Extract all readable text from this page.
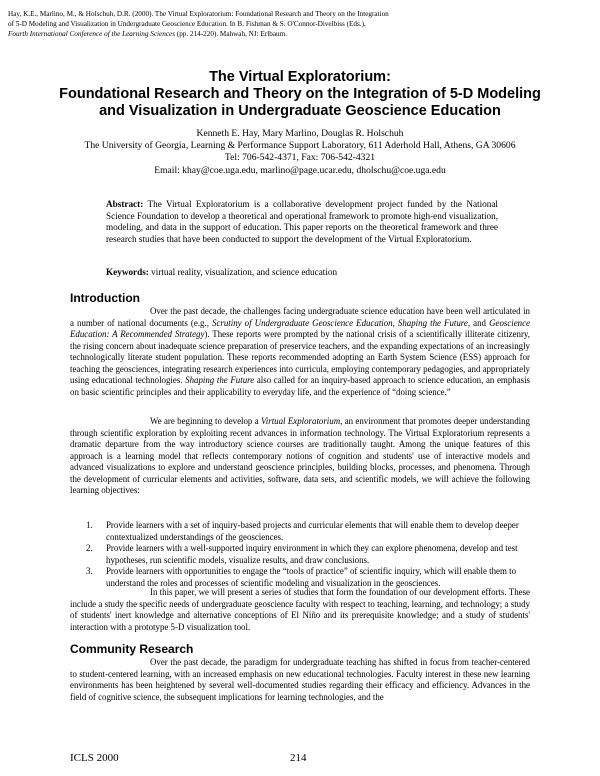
Hay, K.E., Marlino, M., & Holschuh, D.R. (2000). The Virtual Exploratorium: Foundational Research and Theory on the Integration
of 5-D Modeling and Visualization in Undergraduate Geoscience Education. In B. Fishman & S. O'Connor-Divelbiss (Eds.),
Fourth International Conference of the Learning Sciences (pp. 214-220). Mahwah, NJ: Erlbaum.
The Virtual Exploratorium:
Foundational Research and Theory on the Integration of 5-D Modeling
and Visualization in Undergraduate Geoscience Education
Kenneth E. Hay, Mary Marlino, Douglas R. Holschuh
The University of Georgia, Learning & Performance Support Laboratory, 611 Aderhold Hall, Athens, GA 30606
Tel: 706-542-4371, Fax: 706-542-4321
Email: khay@coe.uga.edu, marlino@page.ucar.edu, dholschu@coe.uga.edu
Abstract: The Virtual Exploratorium is a collaborative development project funded by the National Science Foundation to develop a theoretical and operational framework to promote high-end visualization, modeling, and data in the support of education. This paper reports on the theoretical framework and three research studies that have been conducted to support the development of the Virtual Exploratorium.
Keywords: virtual reality, visualization, and science education
Introduction
Over the past decade, the challenges facing undergraduate science education have been well articulated in a number of national documents (e.g., Scrutiny of Undergraduate Geoscience Education, Shaping the Future, and Geoscience Education: A Recommended Strategy). These reports were prompted by the national crisis of a scientifically illiterate citizenry, the rising concern about inadequate science preparation of preservice teachers, and the expanding expectations of an increasingly technologically literate student population. These reports recommended adopting an Earth System Science (ESS) approach for teaching the geosciences, integrating research experiences into curricula, employing contemporary pedagogies, and appropriately using educational technologies. Shaping the Future also called for an inquiry-based approach to science education, an emphasis on basic scientific principles and their applicability to everyday life, and the experience of “doing science.”
We are beginning to develop a Virtual Exploratorium, an environment that promotes deeper understanding through scientific exploration by exploiting recent advances in information technology. The Virtual Exploratorium represents a dramatic departure from the way introductory science courses are traditionally taught. Among the unique features of this approach is a learning model that reflects contemporary notions of cognition and students' use of interactive models and advanced visualizations to explore and understand geoscience principles, building blocks, processes, and phenomena. Through the development of curricular elements and activities, software, data sets, and scientific models, we will achieve the following learning objectives:
1. Provide learners with a set of inquiry-based projects and curricular elements that will enable them to develop deeper contextualized understandings of the geosciences.
2. Provide learners with a well-supported inquiry environment in which they can explore phenomena, develop and test hypotheses, run scientific models, visualize results, and draw conclusions.
3. Provide learners with opportunities to engage the “tools of practice” of scientific inquiry, which will enable them to understand the roles and processes of scientific modeling and visualization in the geosciences.
In this paper, we will present a series of studies that form the foundation of our development efforts. These include a study the specific needs of undergraduate geoscience faculty with respect to teaching, learning, and technology; a study of students' inert knowledge and alternative conceptions of El Niño and its prerequisite knowledge; and a study of students' interaction with a prototype 5-D visualization tool.
Community Research
Over the past decade, the paradigm for undergraduate teaching has shifted in focus from teacher-centered to student-centered learning, with an increased emphasis on new educational technologies. Faculty interest in these new learning environments has been heightened by several well-documented studies regarding their efficacy and efficiency. Advances in the field of cognitive science, the subsequent implications for learning technologies, and the
ICLS 2000	214
